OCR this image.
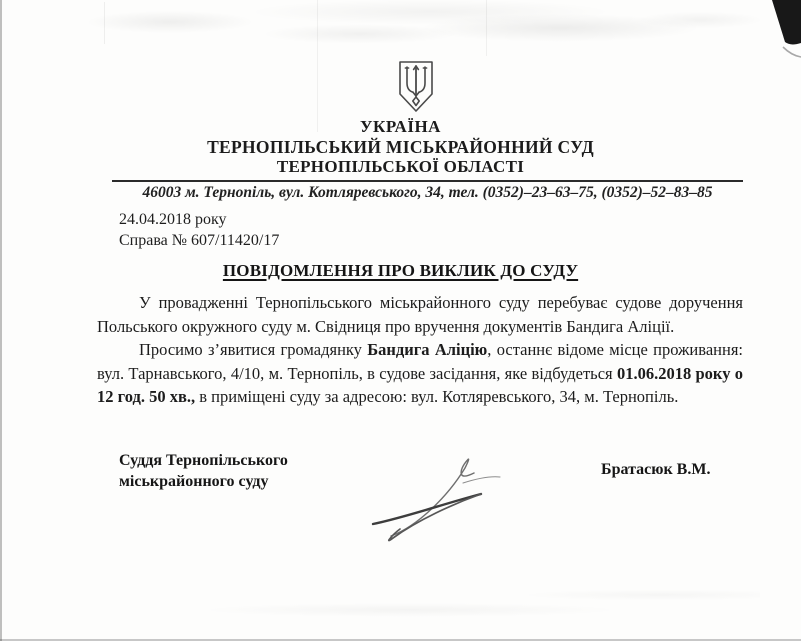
УКРАЇНА
ТЕРНОПІЛЬСЬКИЙ МІСЬКРАЙОННИЙ СУД
ТЕРНОПІЛЬСЬКОЇ ОБЛАСТІ
46003 м. Тернопіль, вул. Котляревського, 34, тел. (0352)–23–63–75, (0352)–52–83–85
24.04.2018 року
Справа № 607/11420/17
ПОВІДОМЛЕННЯ ПРО ВИКЛИК ДО СУДУ

У провадженні Тернопільського міськрайонного суду перебуває судове доручення Польського окружного суду м. Свідниця про вручення документів Бандига Аліції.

Просимо з’явитися громадянку Бандига Аліцію, останнє відоме місце проживання: вул. Тарнавського, 4/10, м. Тернопіль, в судове засідання, яке відбудеться 01.06.2018 року о 12 год. 50 хв., в приміщені суду за адресою: вул. Котляревського, 34, м. Тернопіль.

Суддя Тернопільського
міськрайонного суду
Братасюк В.М.
